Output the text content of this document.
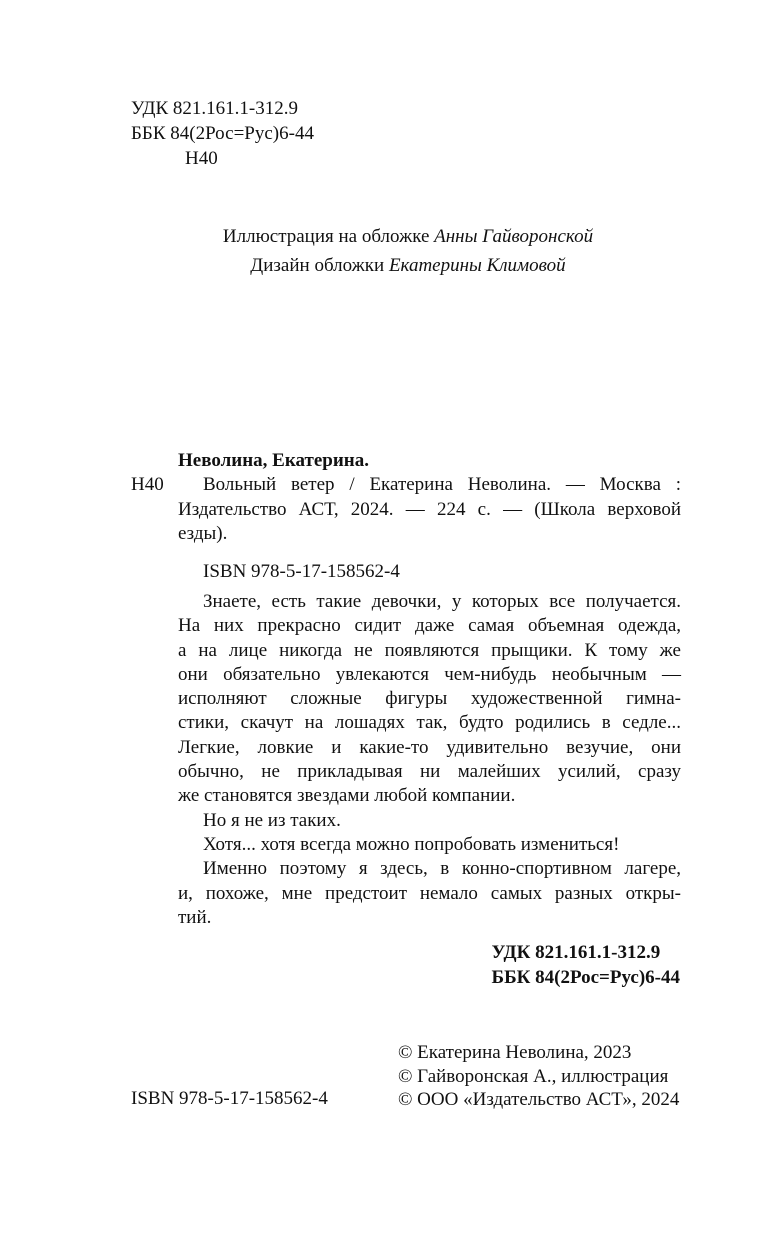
УДК 821.161.1-312.9
ББК 84(2Рос=Рус)6-44
Н40
Иллюстрация на обложке Анны Гайворонской
Дизайн обложки Екатерины Климовой
Неволина, Екатерина.
Н40	Вольный ветер / Екатерина Неволина. — Москва :
Издательство АСТ, 2024. — 224 с. — (Школа верховой
езды).
ISBN 978-5-17-158562-4
Знаете, есть такие девочки, у которых все получается.
На них прекрасно сидит даже самая объемная одежда,
а на лице никогда не появляются прыщики. К тому же
они обязательно увлекаются чем-нибудь необычным —
исполняют сложные фигуры художественной гимна-
стики, скачут на лошадях так, будто родились в седле...
Легкие, ловкие и какие-то удивительно везучие, они
обычно, не прикладывая ни малейших усилий, сразу
же становятся звездами любой компании.
Но я не из таких.
Хотя... хотя всегда можно попробовать измениться!
Именно поэтому я здесь, в конно-спортивном лагере,
и, похоже, мне предстоит немало самых разных откры-
тий.
УДК 821.161.1-312.9
ББК 84(2Рос=Рус)6-44
ISBN 978-5-17-158562-4
© Екатерина Неволина, 2023
© Гайворонская А., иллюстрация
© ООО «Издательство АСТ», 2024
